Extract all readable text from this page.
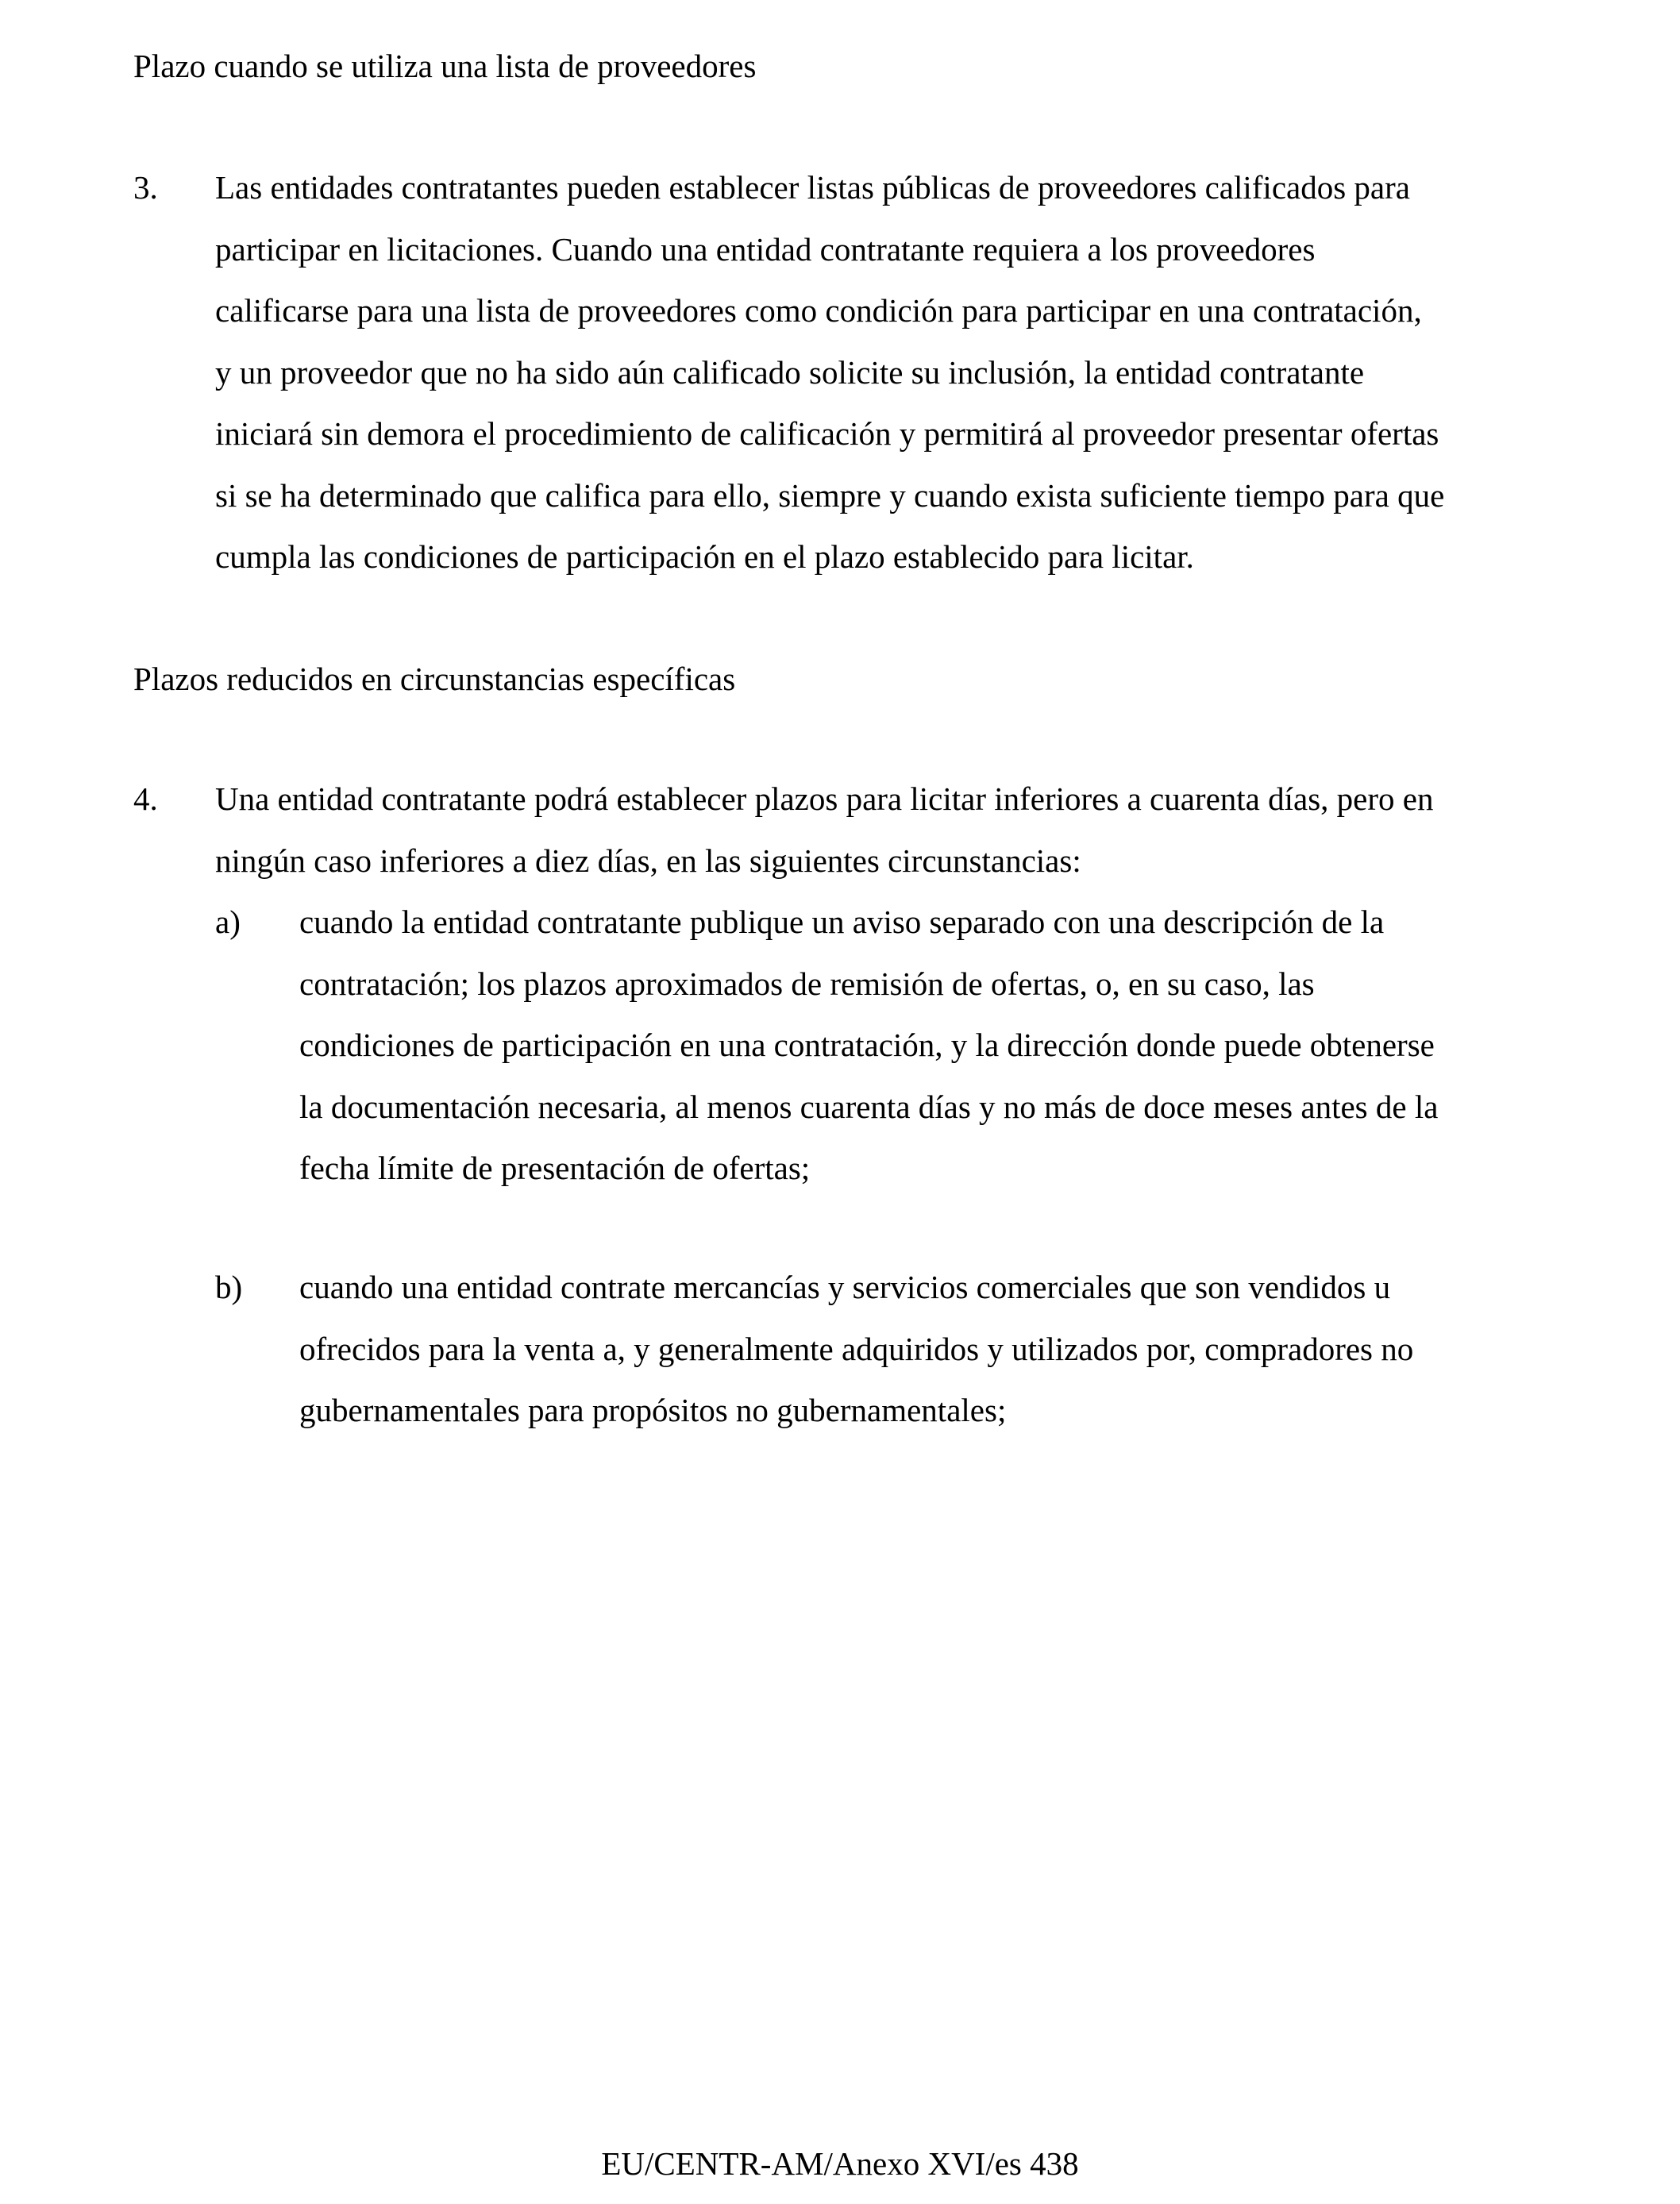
Plazo cuando se utiliza una lista de proveedores

3.	Las entidades contratantes pueden establecer listas públicas de proveedores calificados para
participar en licitaciones. Cuando una entidad contratante requiera a los proveedores
calificarse para una lista de proveedores como condición para participar en una contratación,
y un proveedor que no ha sido aún calificado solicite su inclusión, la entidad contratante
iniciará sin demora el procedimiento de calificación y permitirá al proveedor presentar ofertas
si se ha determinado que califica para ello, siempre y cuando exista suficiente tiempo para que
cumpla las condiciones de participación en el plazo establecido para licitar.

Plazos reducidos en circunstancias específicas

4.	Una entidad contratante podrá establecer plazos para licitar inferiores a cuarenta días, pero en
ningún caso inferiores a diez días, en las siguientes circunstancias:
a)	cuando la entidad contratante publique un aviso separado con una descripción de la
contratación; los plazos aproximados de remisión de ofertas, o, en su caso, las
condiciones de participación en una contratación, y la dirección donde puede obtenerse
la documentación necesaria, al menos cuarenta días y no más de doce meses antes de la
fecha límite de presentación de ofertas;
b)	cuando una entidad contrate mercancías y servicios comerciales que son vendidos u
ofrecidos para la venta a, y generalmente adquiridos y utilizados por, compradores no
gubernamentales para propósitos no gubernamentales;
EU/CENTR-AM/Anexo XVI/es 438
